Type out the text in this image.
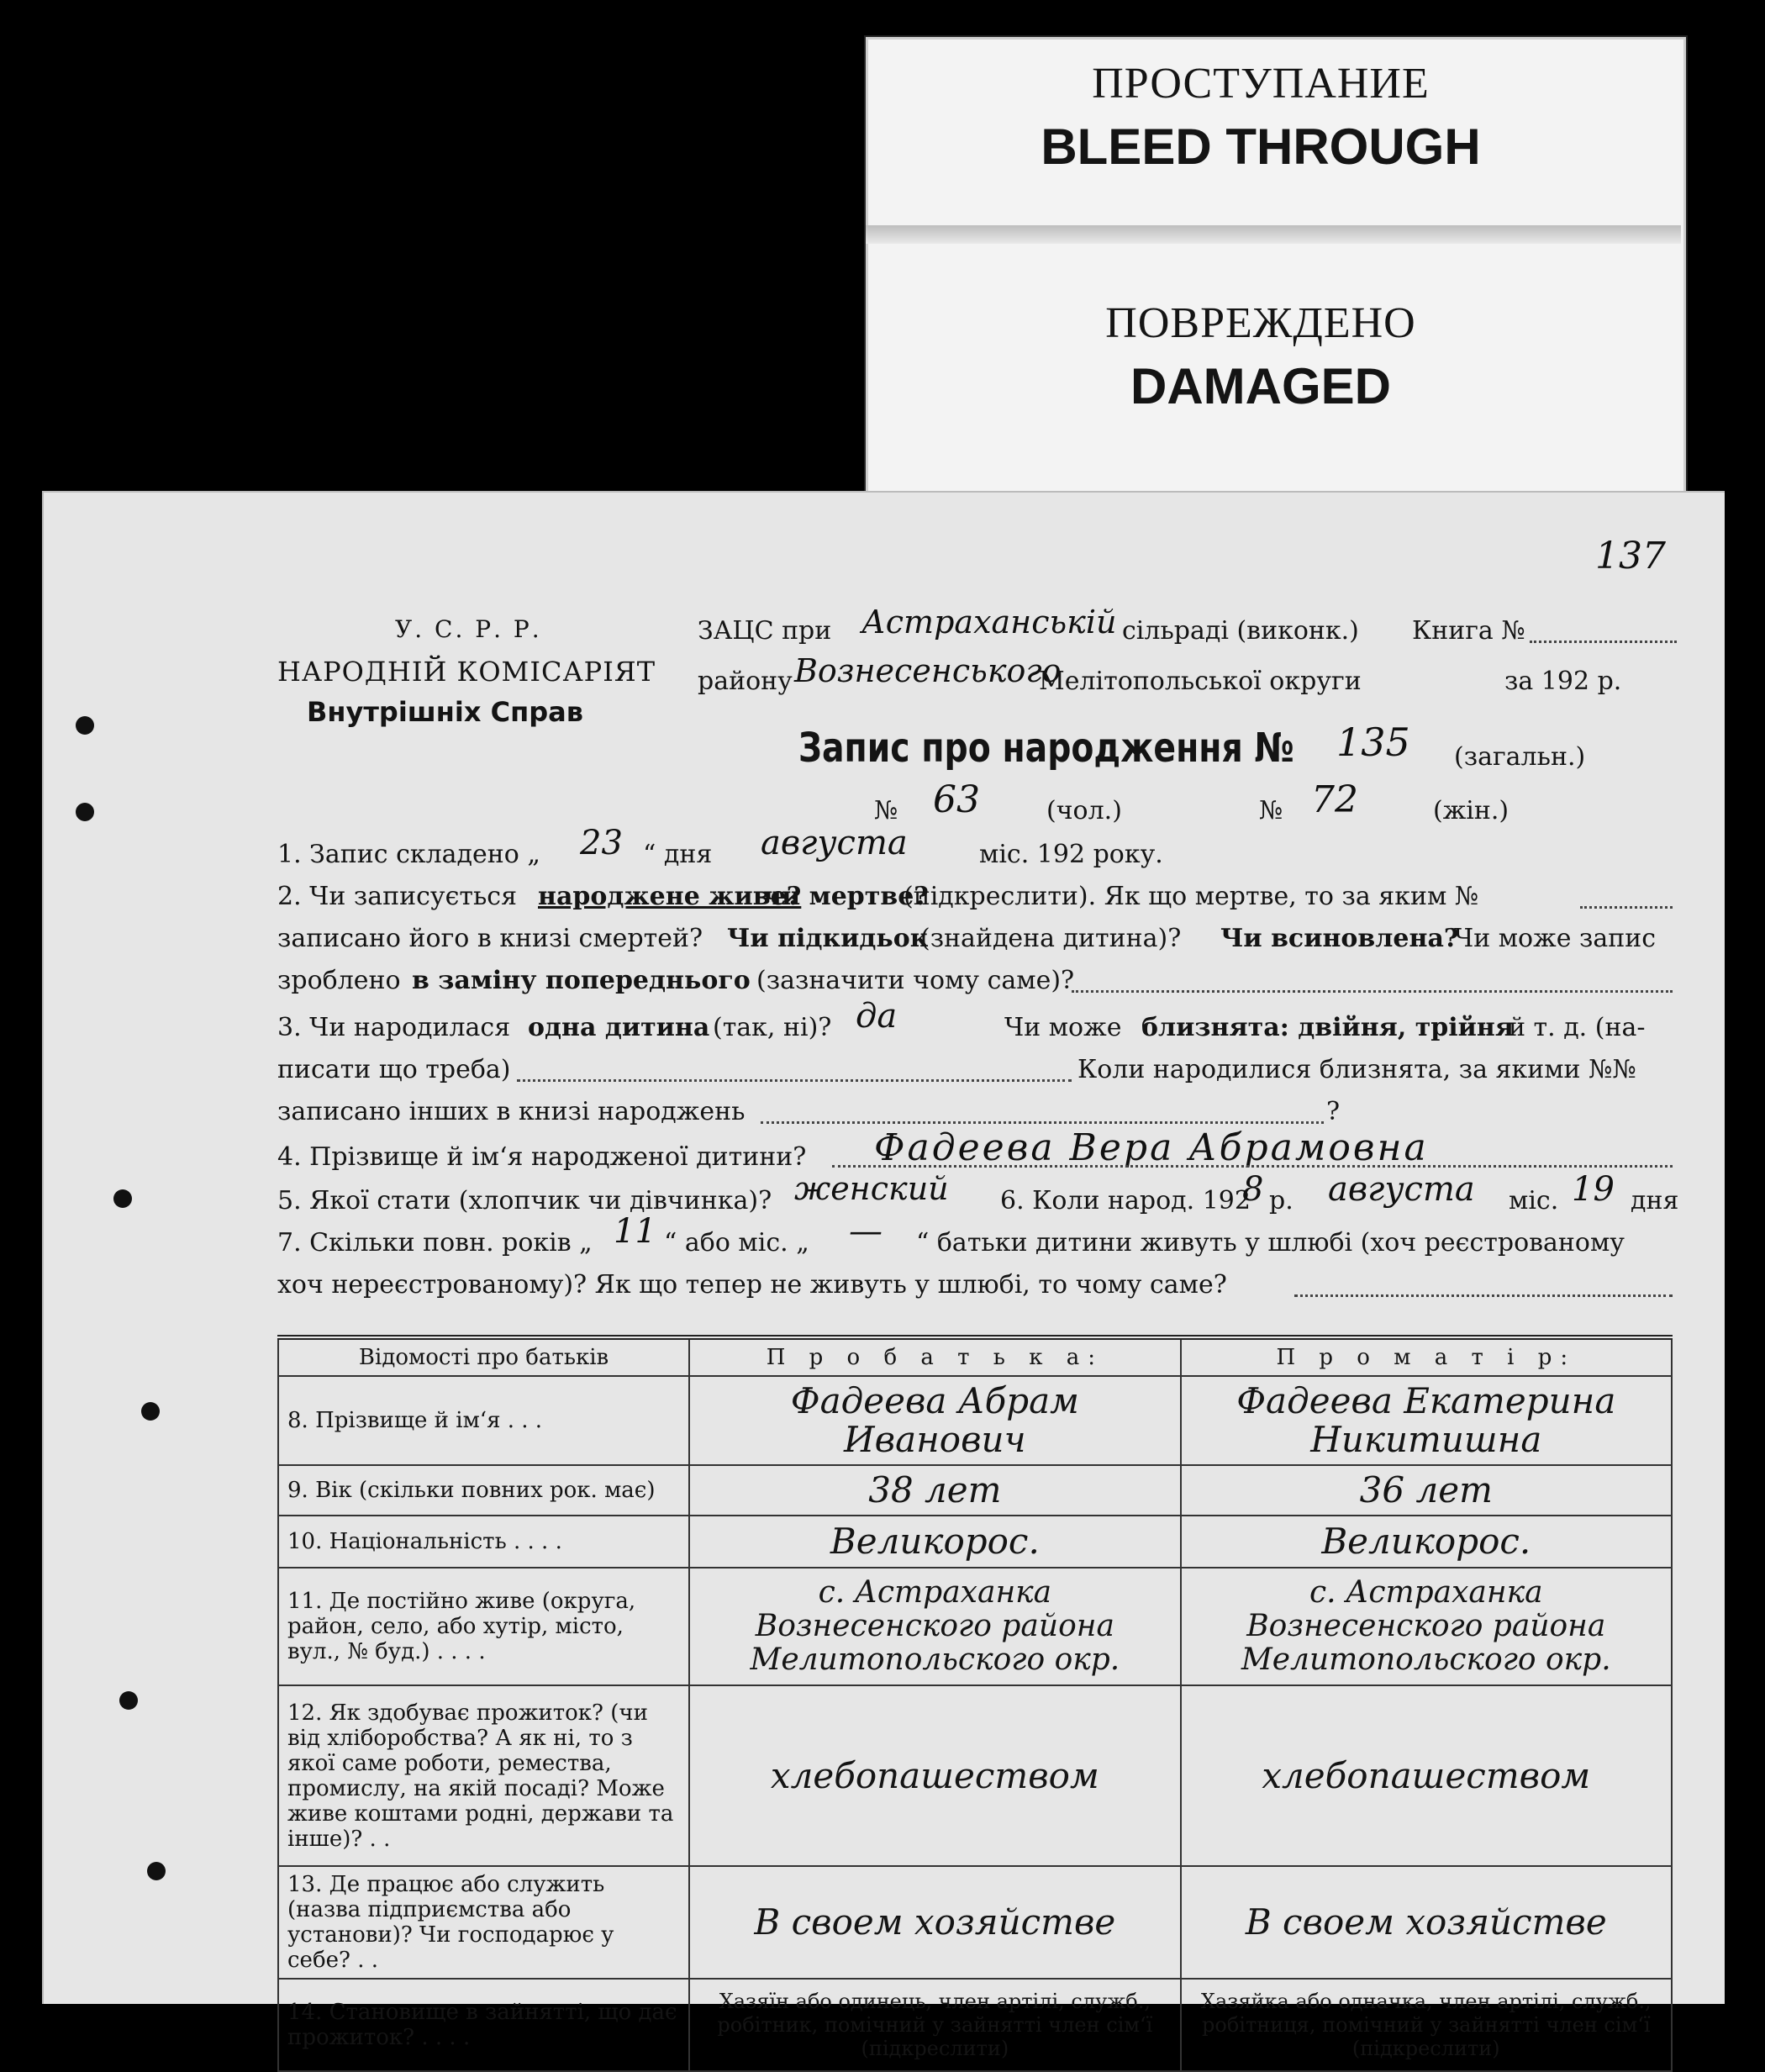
ПРОСТУПАНИЕ
BLEED THROUGH
ПОВРЕЖДЕНО
DAMAGED
137
У. С. Р. Р.
НАРОДНІЙ КОМІСАРІЯТ
Внутрішніх Справ
ЗАЦС при Астраханській сільраді (виконк.) Книга №
району Вознесенського
Мелітопольської округи	за 192 р.
Запис про народження № 135 (загальн.)
№ 63	(чол.)	№ 72	(жін.)
1. Запис складено „ 23 “ дня августа	міс. 192 року.
2. Чи записується народжене живе?
чи мертве?
(підкреслити). Як що мертве, то за яким №
записано його в книзі смертей? Чи підкидьок
(знайдена дитина)? Чи всиновлена?
Чи може запис
зроблено в заміну попереднього (зазначити чому саме)?
3. Чи народилася одна дитина (так, ні)? да	Чи може близнята: двійня, трійня
й т. д. (на-
писати що треба)	Коли народилися близнята, за якими №№
записано інших в книзі народжень	?
4. Прізвище й ім‘я народженої дитини? Фадеева Вера Абрамовна
5. Якої стати (хлопчик чи дівчинка)? женский 6. Коли народ. 192
8 р. августа міс. 19 дня
7. Скільки повн. років „ 11 “ або міс. „ — “ батьки дитини живуть у шлюбі (хоч реєстрованому
хоч нереєстрованому)? Як що тепер не живуть у шлюбі, то чому саме?
Відомості про батьків	П р о б а т ь к а:	П р о м а т і р:
8. Прізвище й ім‘я . . .	Фадеева Абрам Иванович	Фадеева Екатерина Никитишна
9. Вік (скільки повних рок. має)	38 лет	36 лет
10. Національність . . . .	Великорос.	Великорос.
11. Де постійно живе (округа, район, село, або хутір, місто, вул., № буд.) . . . .	с. Астраханка Вознесенского района Мелитопольского окр.	с. Астраханка Вознесенского района Мелитопольского окр.
12. Як здобуває прожиток? (чи від хліборобства? А як ні, то з якої саме роботи, ремества, промислу, на якій посаді? Може живе коштами родні, держави та інше)? . .	хлебопашеством	хлебопашеством
13. Де працює або служить (назва підприємства або установи)? Чи господарює у себе? . .	В своем хозяйстве	В своем хозяйстве
14. Становище в зайнятті, що дає прожиток? . . . .	Хазяїн або одинець, член артілі, служб., робітник, помічний у зайнятті член сім‘ї (підкреслити)	Хазяйка або одначка, член артілі, служб., робітниця, помічний у зайнятті член сім‘ї (підкреслити)
